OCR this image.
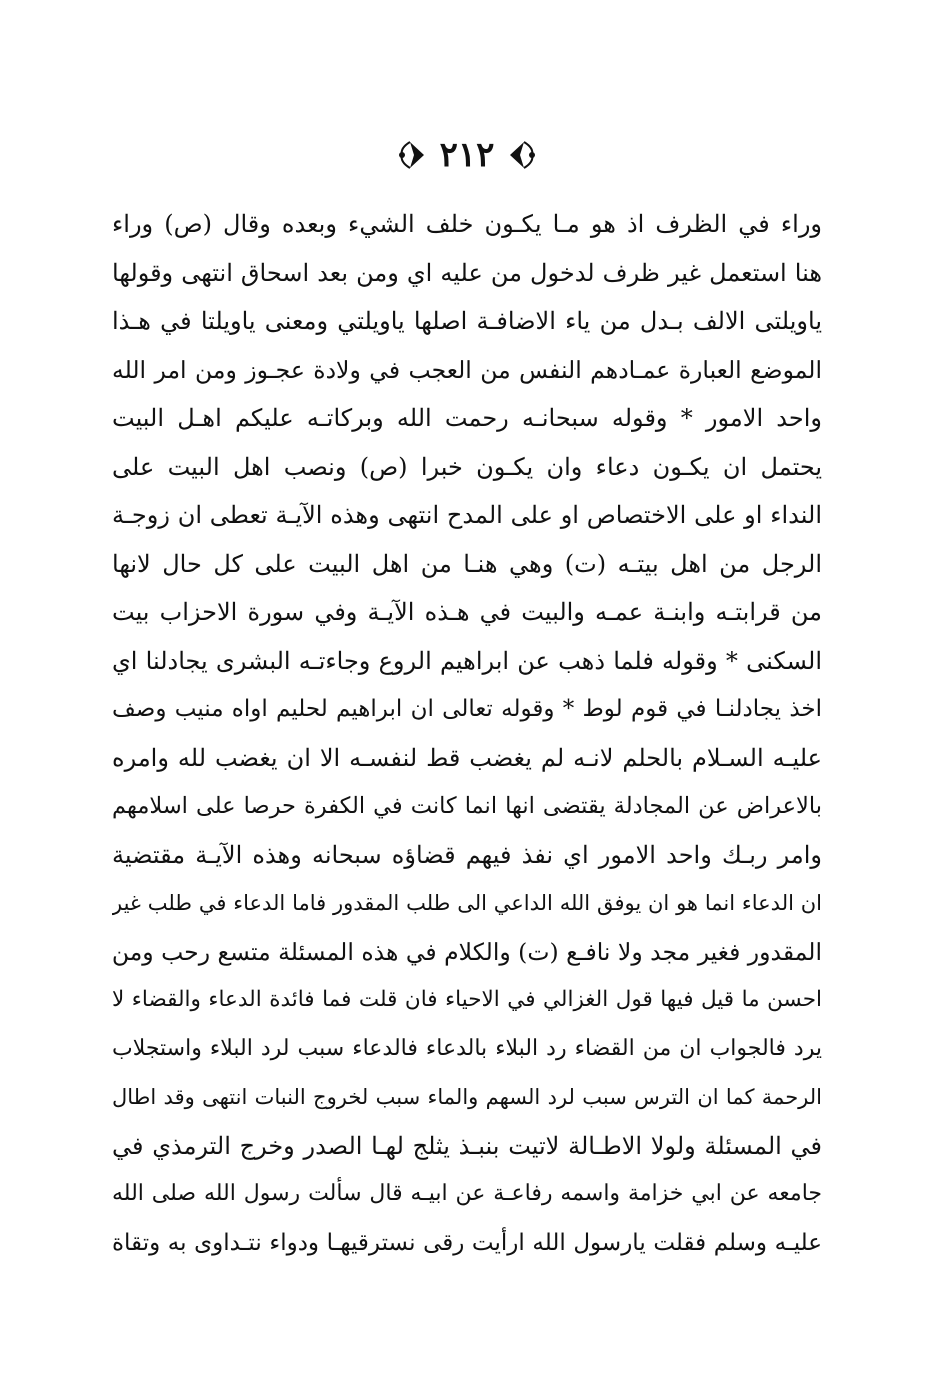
٢١٢
وراء في الظرف اذ هو مـا يكـون خلف الشيء وبعده وقال (ص) وراء
هنا استعمل غير ظرف لدخول من عليه اي ومن بعد اسحاق انتهى وقولها
ياويلتى الالف بـدل من ياء الاضافـة اصلها ياويلتي ومعنى ياويلتا في هـذا
الموضع العبارة عمـادهم النفس من العجب في ولادة عجـوز ومن امر الله
واحد الامور * وقوله سبحانـه رحمت الله وبركاتـه عليكم اهـل البيت
يحتمل ان يكـون دعاء وان يكـون خبرا (ص) ونصب اهل البيت على
النداء او على الاختصاص او على المدح انتهى وهذه الآيـة تعطى ان زوجـة
الرجل من اهل بيتـه (ت) وهي هنـا من اهل البيت على كل حال لانها
من قرابتـه وابنـة عمـه والبيت في هـذه الآيـة وفي سورة الاحزاب بيت
السكنى * وقوله فلما ذهب عن ابراهيم الروع وجاءتـه البشرى يجادلنا اي
اخذ يجادلنـا في قوم لوط * وقوله تعالى ان ابراهيم لحليم اواه منيب وصف
عليـه السـلام بالحلم لانـه لم يغضب قط لنفسـه الا ان يغضب لله وامره
بالاعراض عن المجادلة يقتضى انها انما كانت في الكفرة حرصا على اسلامهم
وامر ربـك واحد الامور اي نفذ فيهم قضاؤه سبحانه وهذه الآيـة مقتضية
ان الدعاء انما هو ان يوفق الله الداعي الى طلب المقدور فاما الدعاء في طلب غير
المقدور فغير مجد ولا نافـع (ت) والكلام في هذه المسئلة متسع رحب ومن
احسن ما قيل فيها قول الغزالي في الاحياء فان قلت فما فائدة الدعاء والقضاء لا
يرد فالجواب ان من القضاء رد البلاء بالدعاء فالدعاء سبب لرد البلاء واستجلاب
الرحمة كما ان الترس سبب لرد السهم والماء سبب لخروج النبات انتهى وقد اطال
في المسئلة ولولا الاطـالة لاتيت بنبـذ يثلج لهـا الصدر وخرج الترمذي في
جامعه عن ابي خزامة واسمه رفاعـة عن ابيـه قال سألت رسول الله صلى الله
عليـه وسلم فقلت يارسول الله ارأيت رقى نسترقيهـا ودواء نتـداوى به وتقاة
